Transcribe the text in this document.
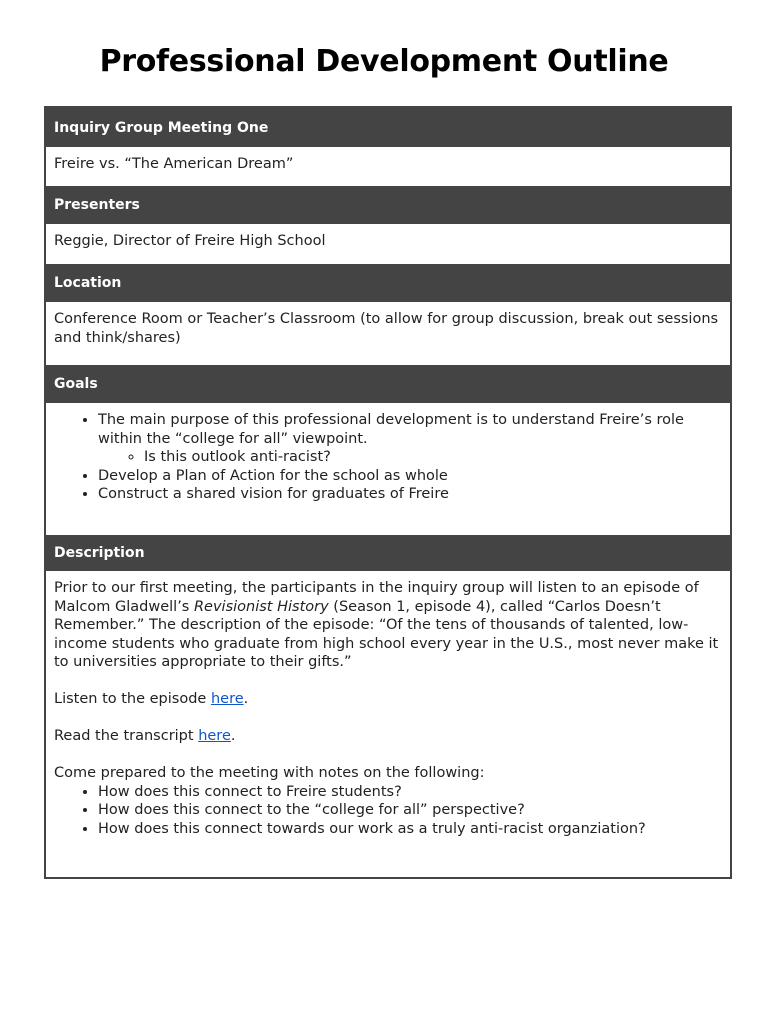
Professional Development Outline
Inquiry Group Meeting One

Freire vs. “The American Dream”

Presenters

Reggie, Director of Freire High School

Location

Conference Room or Teacher’s Classroom (to allow for group discussion, break out sessions and think/shares)

Goals
• The main purpose of this professional development is to understand Freire’s role within the “college for all” viewpoint.
◦ Is this outlook anti-racist?
• Develop a Plan of Action for the school as whole
• Construct a shared vision for graduates of Freire
Description

Prior to our first meeting, the participants in the inquiry group will listen to an episode of Malcom Gladwell’s Revisionist History (Season 1, episode 4), called “Carlos Doesn’t Remember.” The description of the episode: “Of the tens of thousands of talented, low-income students who graduate from high school every year in the U.S., most never make it to universities appropriate to their gifts.”

Listen to the episode here.

Read the transcript here.

Come prepared to the meeting with notes on the following:

• How does this connect to Freire students?
• How does this connect to the “college for all” perspective?
• How does this connect towards our work as a truly anti-racist organziation?
